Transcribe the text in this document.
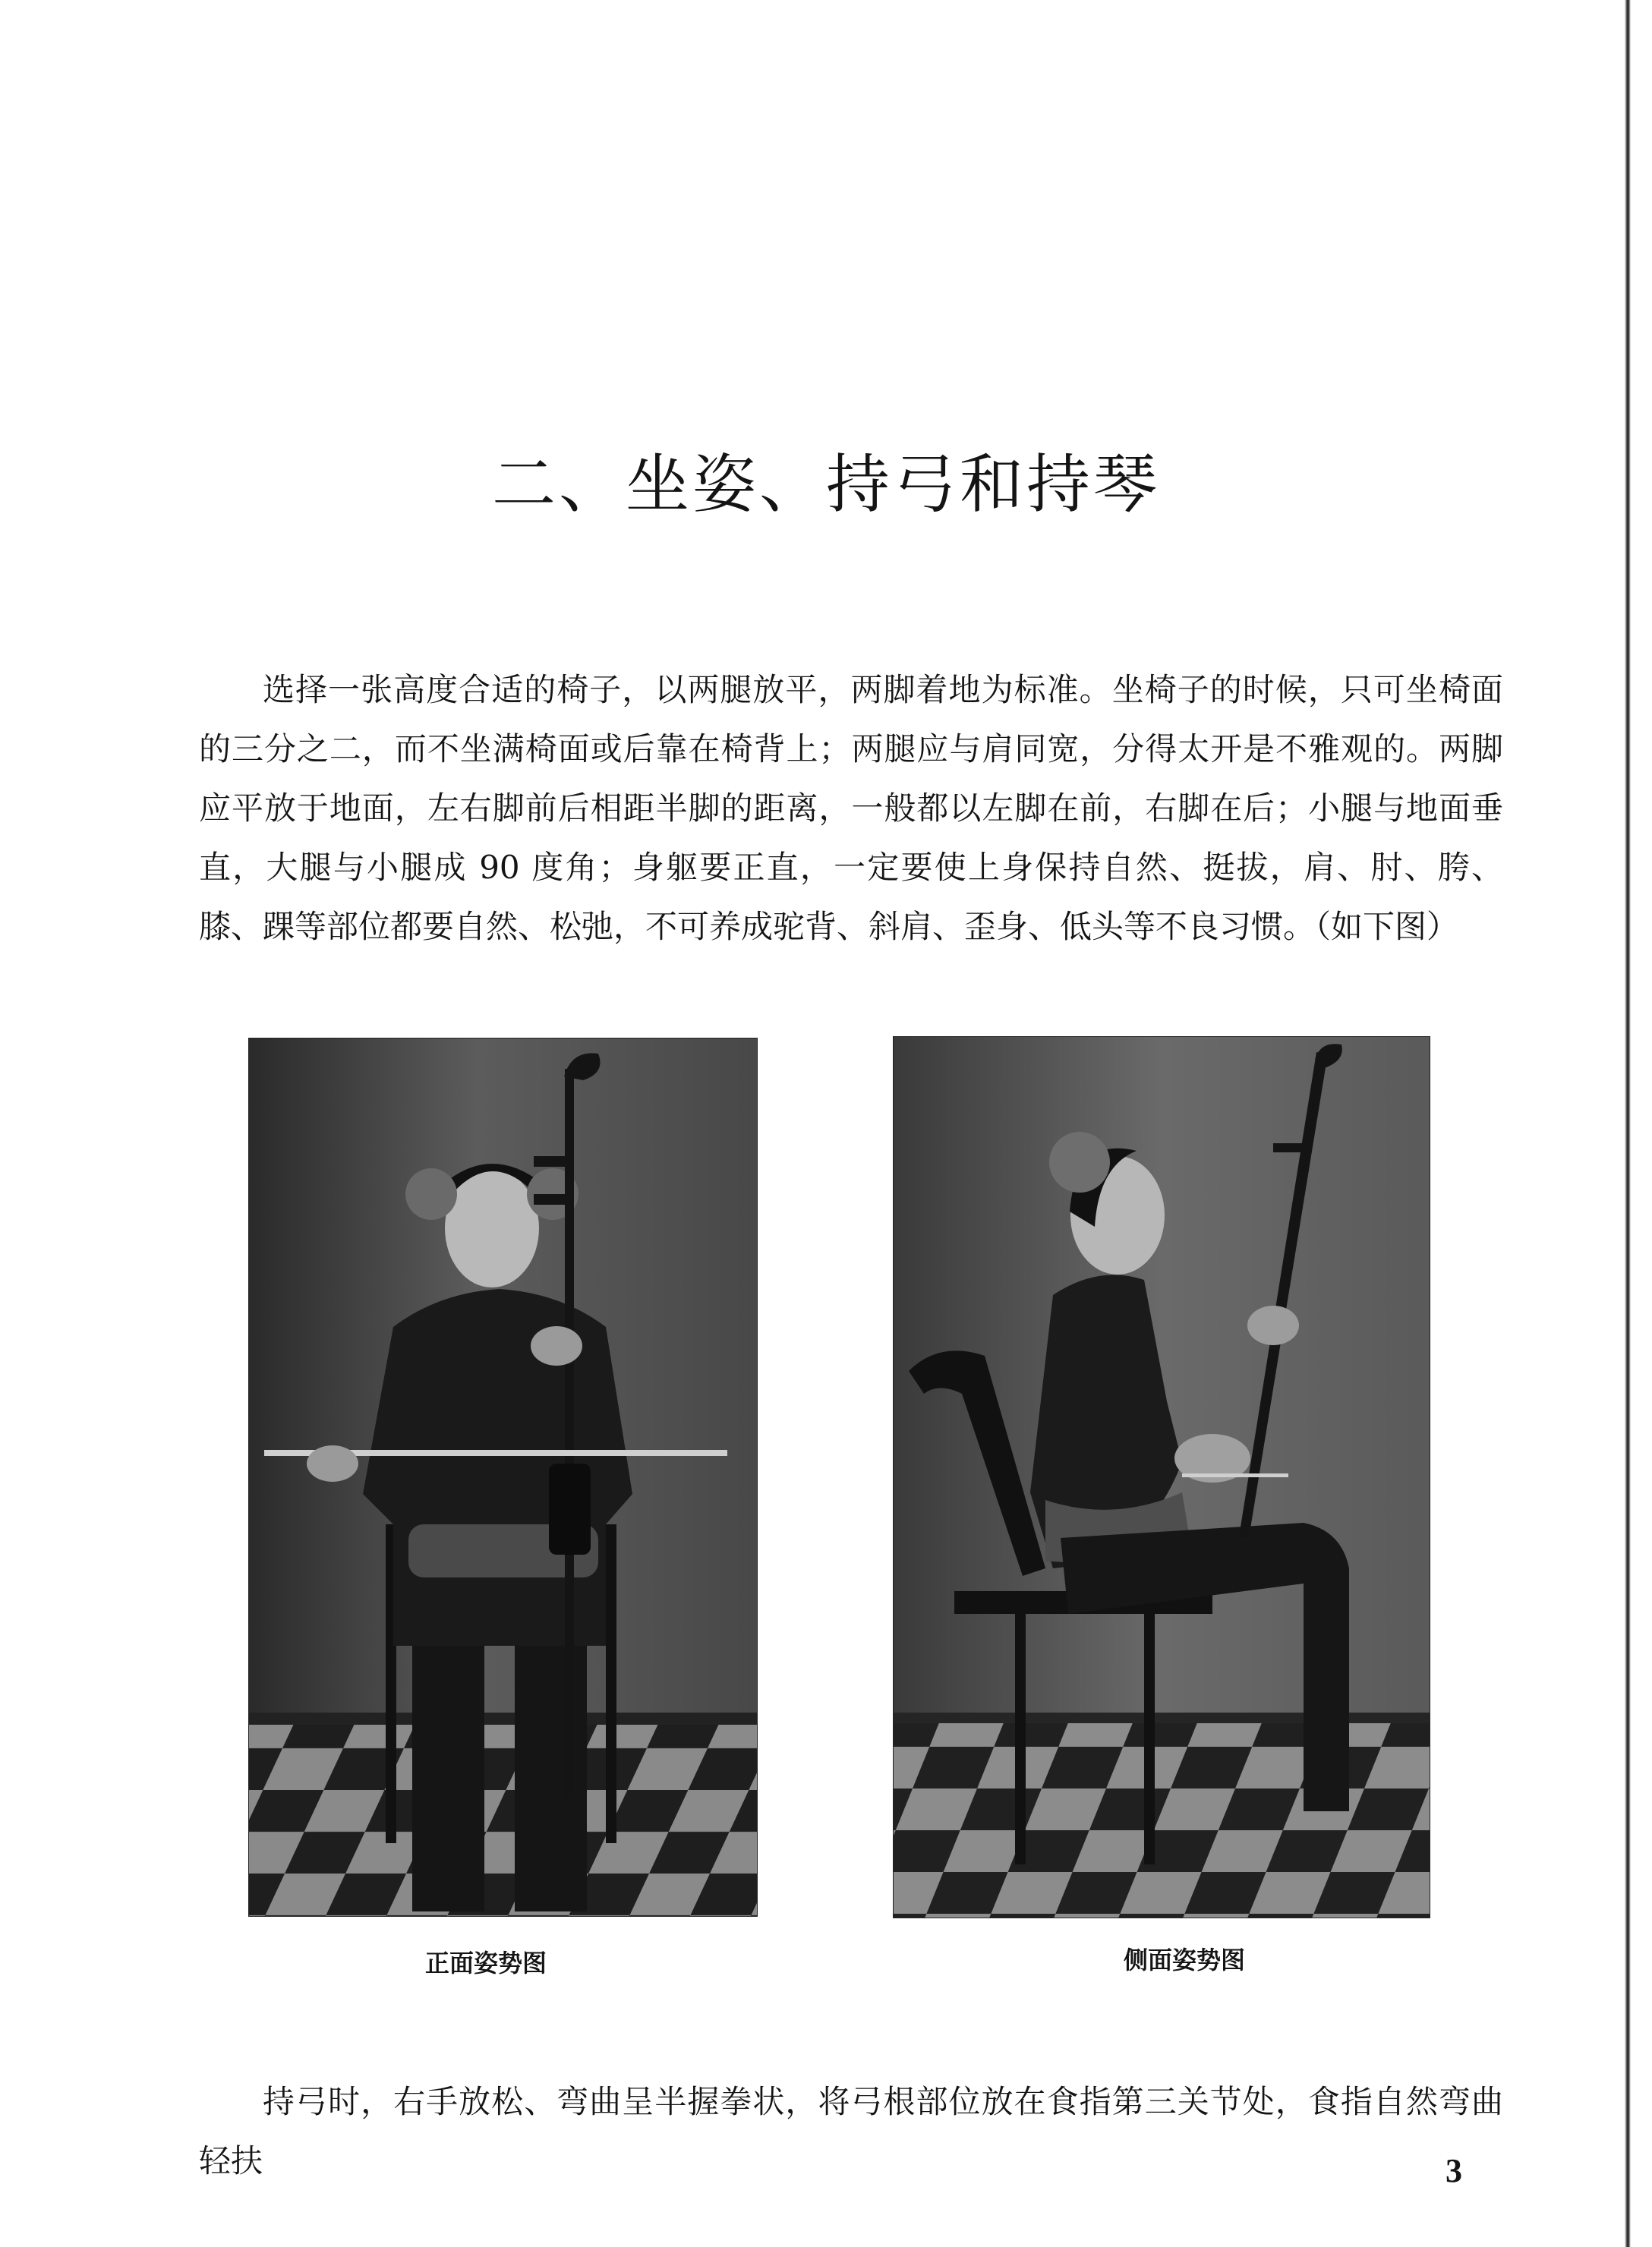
二、坐姿、持弓和持琴

选择一张高度合适的椅子，以两腿放平，两脚着地为标准。坐椅子的时候，只可坐椅面的三分之二，而不坐满椅面或后靠在椅背上；两腿应与肩同宽，分得太开是不雅观的。两脚应平放于地面，左右脚前后相距半脚的距离，一般都以左脚在前，右脚在后；小腿与地面垂直，大腿与小腿成 90 度角；身躯要正直，一定要使上身保持自然、挺拔，肩、肘、胯、膝、踝等部位都要自然、松弛，不可养成驼背、斜肩、歪身、低头等不良习惯。（如下图）

正面姿势图	侧面姿势图

持弓时，右手放松、弯曲呈半握拳状，将弓根部位放在食指第三关节处，食指自然弯曲轻扶	3
